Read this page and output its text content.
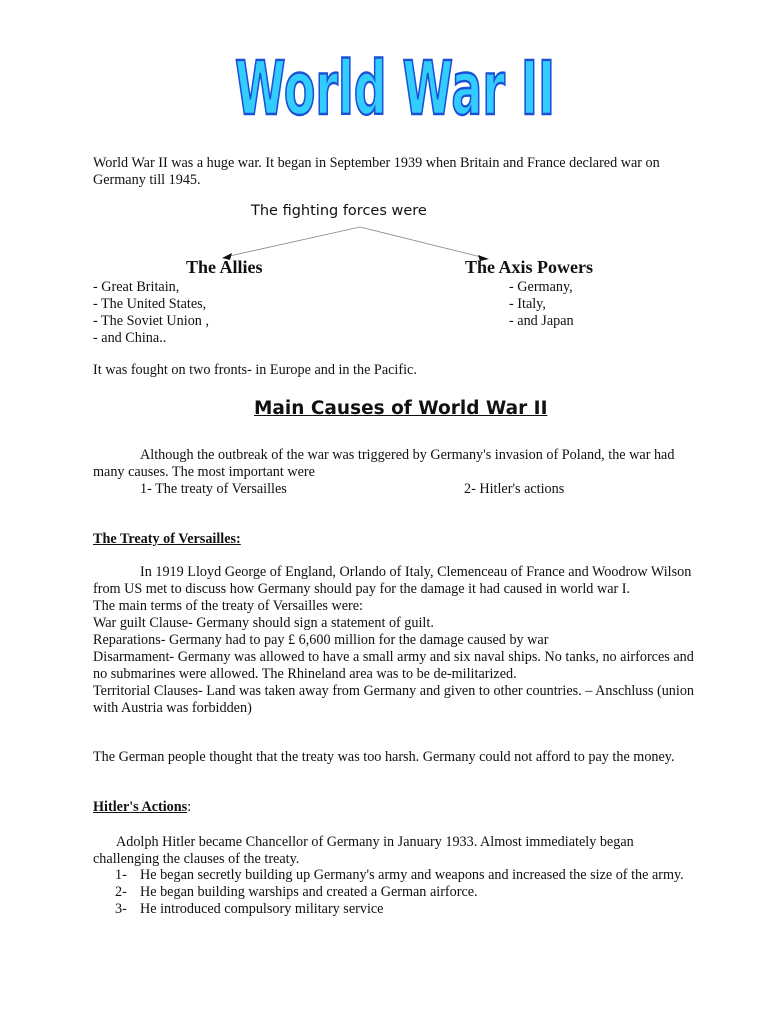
World War II
World War II was a huge war. It began in September 1939 when Britain and France declared war on Germany till 1945.
The fighting forces were
The Allies
- Great Britain,
- The United States,
- The Soviet Union ,
- and China..
The Axis Powers
- Germany,
- Italy,
- and Japan
It was fought on two fronts- in Europe and in the Pacific.
Main Causes of World War II
Although the outbreak of the war was triggered by Germany's invasion of Poland, the war had many causes. The most important were
1- The treaty of Versailles	2- Hitler's actions
The Treaty of Versailles:
In 1919 Lloyd George of England, Orlando of Italy, Clemenceau of France and Woodrow Wilson from US met to discuss how Germany should pay for the damage it had caused in world war I.
The main terms of the treaty of Versailles were:
War guilt Clause- Germany should sign a statement of guilt.
Reparations- Germany had to pay £ 6,600 million for the damage caused by war
Disarmament- Germany was allowed to have a small army and six naval ships. No tanks, no airforces and no submarines were allowed. The Rhineland area was to be de-militarized.
Territorial Clauses- Land was taken away from Germany and given to other countries. – Anschluss (union with Austria was forbidden)
The German people thought that the treaty was too harsh. Germany could not afford to pay the money.
Hitler's Actions:
Adolph Hitler became Chancellor of Germany in January 1933. Almost immediately began challenging the clauses of the treaty.
1- He began secretly building up Germany's army and weapons and increased the size of the army.
2- He began building warships and created a German airforce.
3- He introduced compulsory military service
